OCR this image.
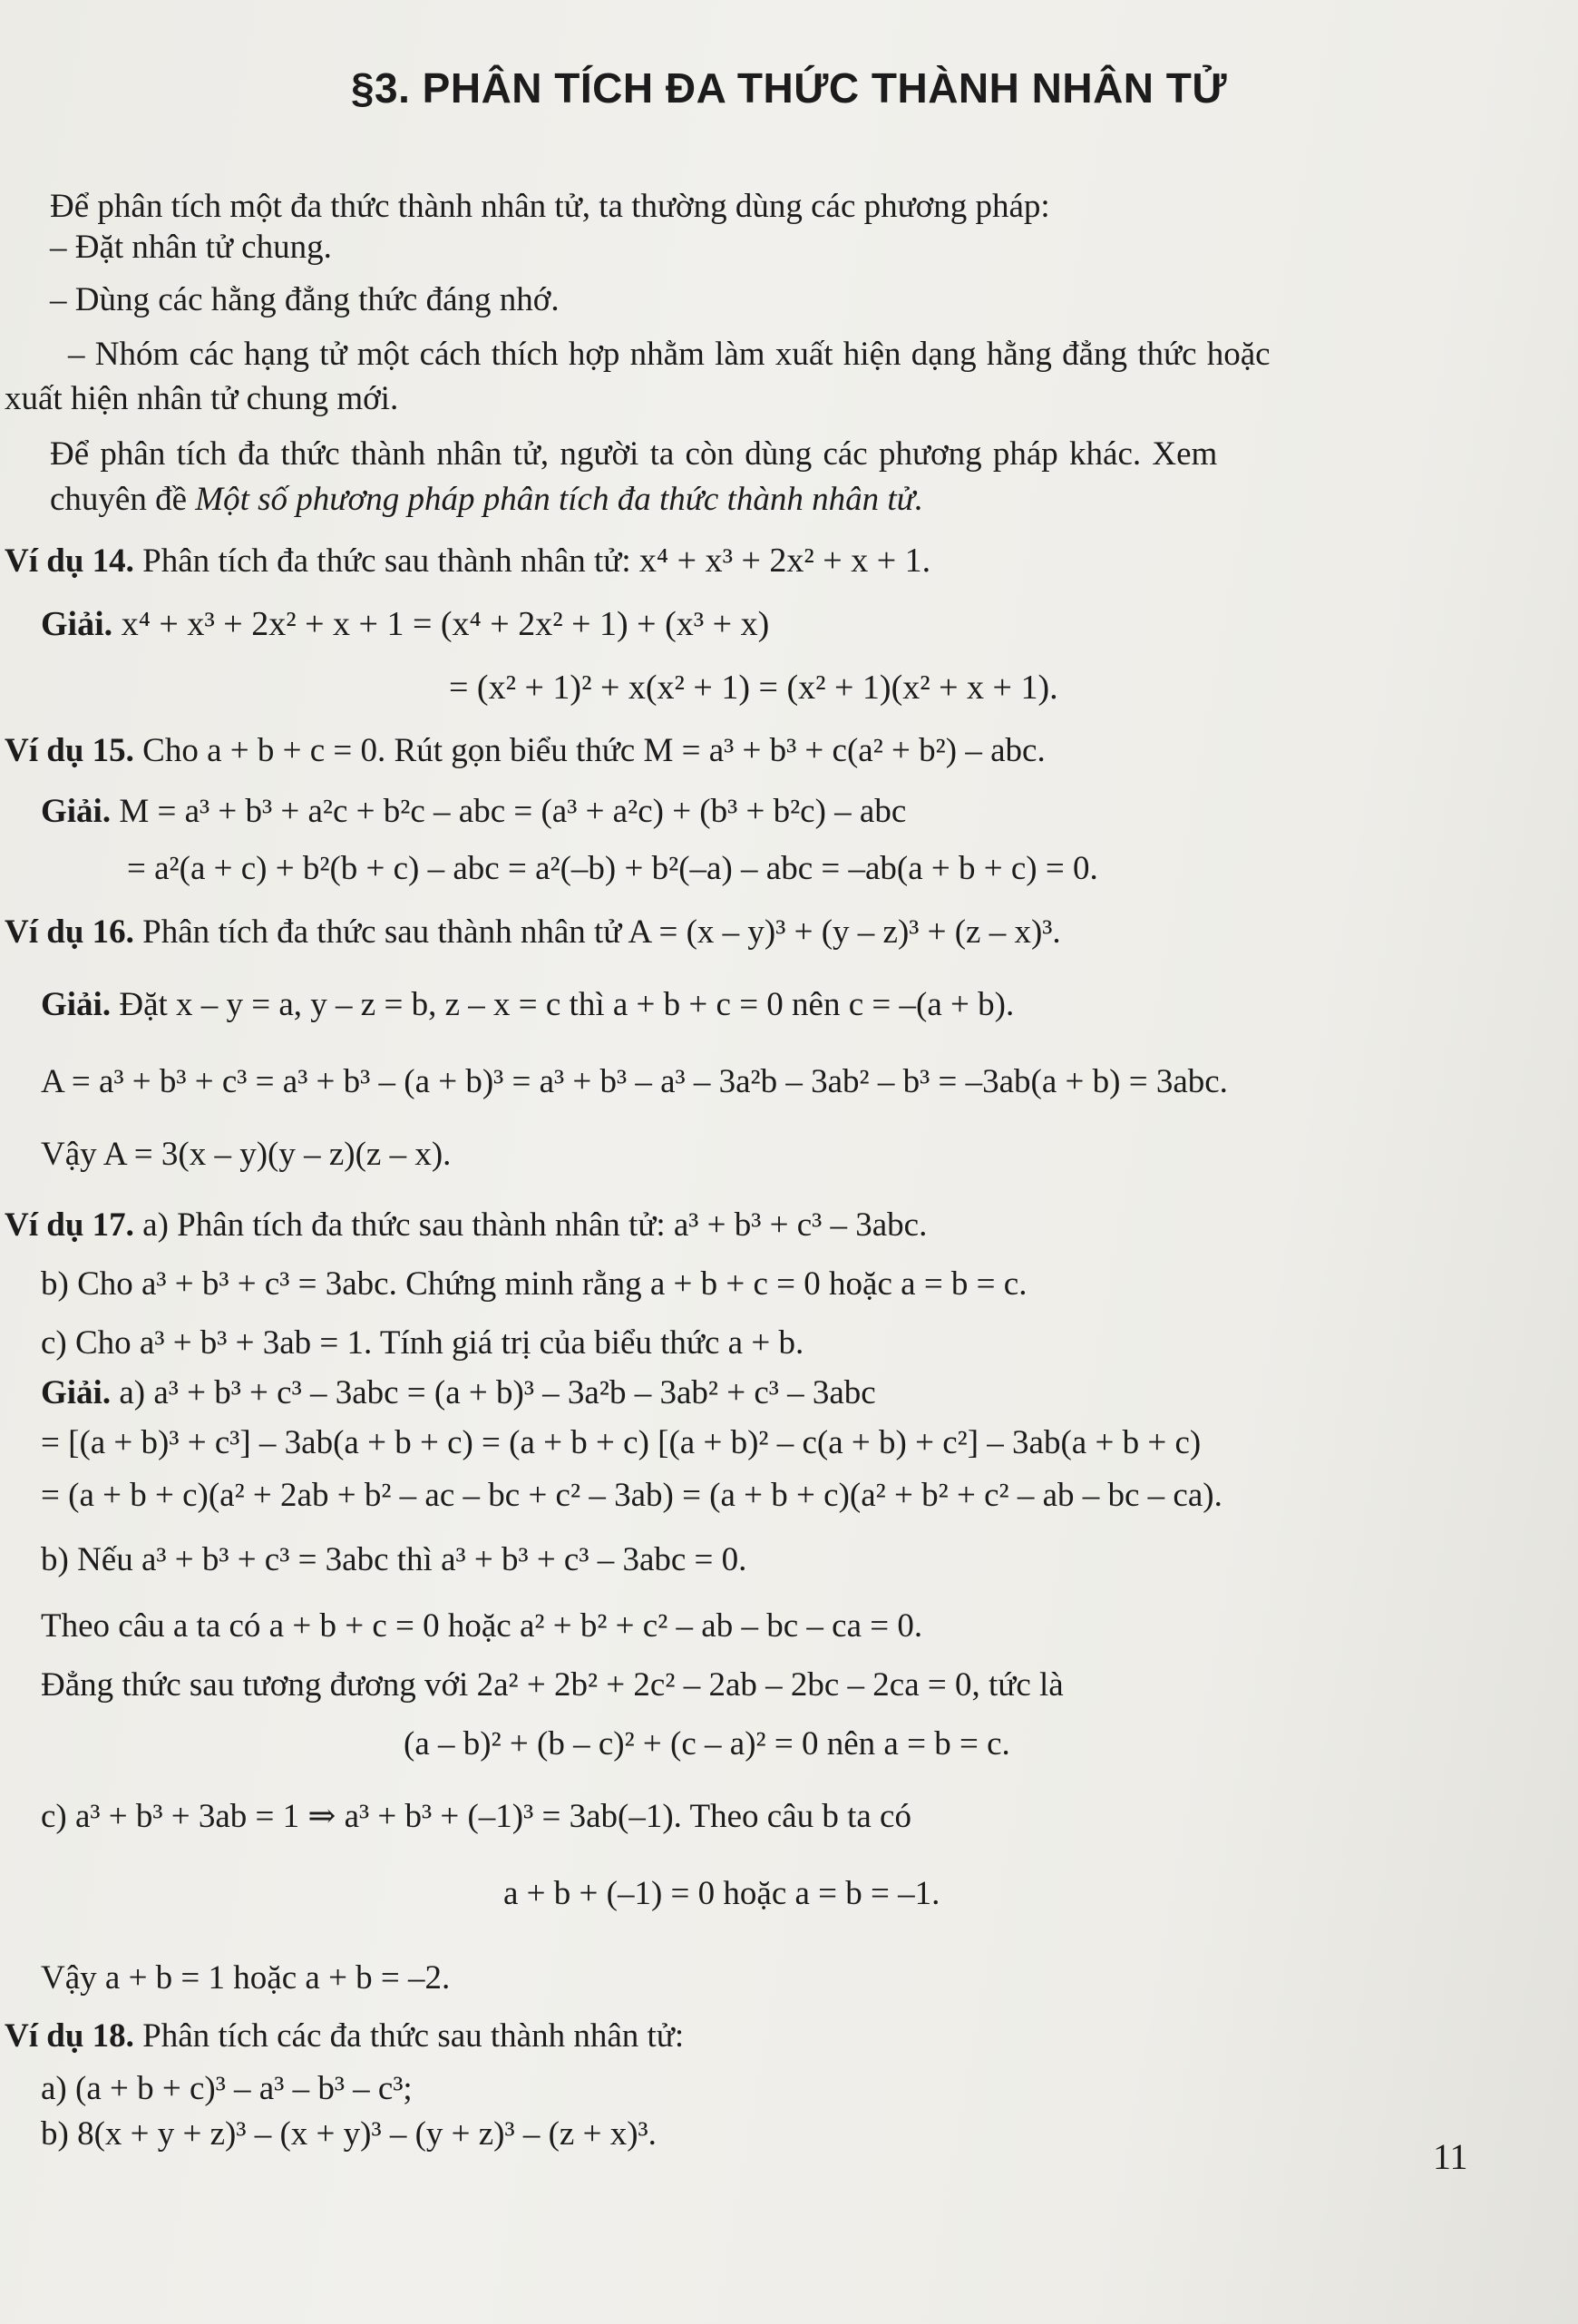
§3. PHÂN TÍCH ĐA THỨC THÀNH NHÂN TỬ
Để phân tích một đa thức thành nhân tử, ta thường dùng các phương pháp:
– Đặt nhân tử chung.
– Dùng các hằng đẳng thức đáng nhớ.
– Nhóm các hạng tử một cách thích hợp nhằm làm xuất hiện dạng hằng đẳng thức hoặc
xuất hiện nhân tử chung mới.
Để phân tích đa thức thành nhân tử, người ta còn dùng các phương pháp khác. Xem
chuyên đề Một số phương pháp phân tích đa thức thành nhân tử.
Ví dụ 14. Phân tích đa thức sau thành nhân tử: x⁴ + x³ + 2x² + x + 1.
Giải. x⁴ + x³ + 2x² + x + 1 = (x⁴ + 2x² + 1) + (x³ + x)
= (x² + 1)² + x(x² + 1) = (x² + 1)(x² + x + 1).
Ví dụ 15. Cho a + b + c = 0. Rút gọn biểu thức M = a³ + b³ + c(a² + b²) – abc.
Giải. M = a³ + b³ + a²c + b²c – abc = (a³ + a²c) + (b³ + b²c) – abc
= a²(a + c) + b²(b + c) – abc = a²(–b) + b²(–a) – abc = –ab(a + b + c) = 0.
Ví dụ 16. Phân tích đa thức sau thành nhân tử A = (x – y)³ + (y – z)³ + (z – x)³.
Giải. Đặt x – y = a, y – z = b, z – x = c thì a + b + c = 0 nên c = –(a + b).
A = a³ + b³ + c³ = a³ + b³ – (a + b)³ = a³ + b³ – a³ – 3a²b – 3ab² – b³ = –3ab(a + b) = 3abc.
Vậy A = 3(x – y)(y – z)(z – x).
Ví dụ 17. a) Phân tích đa thức sau thành nhân tử: a³ + b³ + c³ – 3abc.
b) Cho a³ + b³ + c³ = 3abc. Chứng minh rằng a + b + c = 0 hoặc a = b = c.
c) Cho a³ + b³ + 3ab = 1. Tính giá trị của biểu thức a + b.
Giải. a) a³ + b³ + c³ – 3abc = (a + b)³ – 3a²b – 3ab² + c³ – 3abc
= [(a + b)³ + c³] – 3ab(a + b + c) = (a + b + c) [(a + b)² – c(a + b) + c²] – 3ab(a + b + c)
= (a + b + c)(a² + 2ab + b² – ac – bc + c² – 3ab) = (a + b + c)(a² + b² + c² – ab – bc – ca).
b) Nếu a³ + b³ + c³ = 3abc thì a³ + b³ + c³ – 3abc = 0.
Theo câu a ta có a + b + c = 0 hoặc a² + b² + c² – ab – bc – ca = 0.
Đẳng thức sau tương đương với 2a² + 2b² + 2c² – 2ab – 2bc – 2ca = 0, tức là
(a – b)² + (b – c)² + (c – a)² = 0 nên a = b = c.
c) a³ + b³ + 3ab = 1 ⇒ a³ + b³ + (–1)³ = 3ab(–1). Theo câu b ta có
a + b + (–1) = 0 hoặc a = b = –1.
Vậy a + b = 1 hoặc a + b = –2.
Ví dụ 18. Phân tích các đa thức sau thành nhân tử:
a) (a + b + c)³ – a³ – b³ – c³;
b) 8(x + y + z)³ – (x + y)³ – (y + z)³ – (z + x)³.
11
